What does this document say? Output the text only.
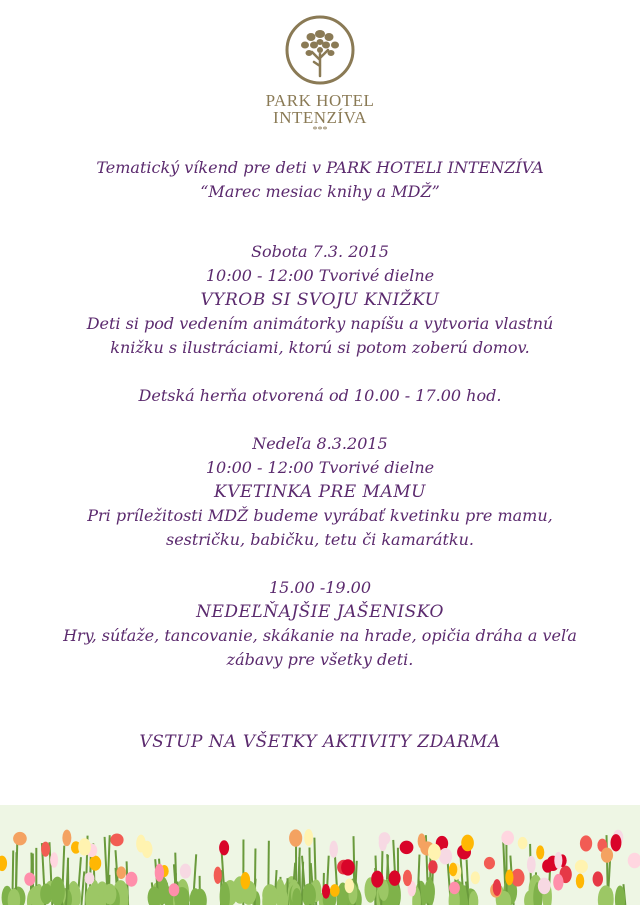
PARK HOTEL
INTENZÍVA
***

Tematický víkend pre deti v PARK HOTELI INTENZÍVA

“Marec mesiac knihy a MDŽ”

Sobota 7.3. 2015

10:00 - 12:00 Tvorivé dielne

VYROB SI SVOJU KNIŽKU

Deti si pod vedením animátorky napíšu a vytvoria vlastnú

knižku s ilustráciami, ktorú si potom zoberú domov.

Detská herňa otvorená od 10.00 - 17.00 hod.

Nedeľa 8.3.2015

10:00 - 12:00 Tvorivé dielne

KVETINKA PRE MAMU

Pri príležitosti MDŽ budeme vyrábať kvetinku pre mamu,

sestričku, babičku, tetu či kamarátku.

15.00 -19.00

NEDEĽŇAJŠIE JAŠENISKO

Hry, súťaže, tancovanie, skákanie na hrade, opičia dráha a veľa

zábavy pre všetky deti.

VSTUP NA VŠETKY AKTIVITY ZDARMA
